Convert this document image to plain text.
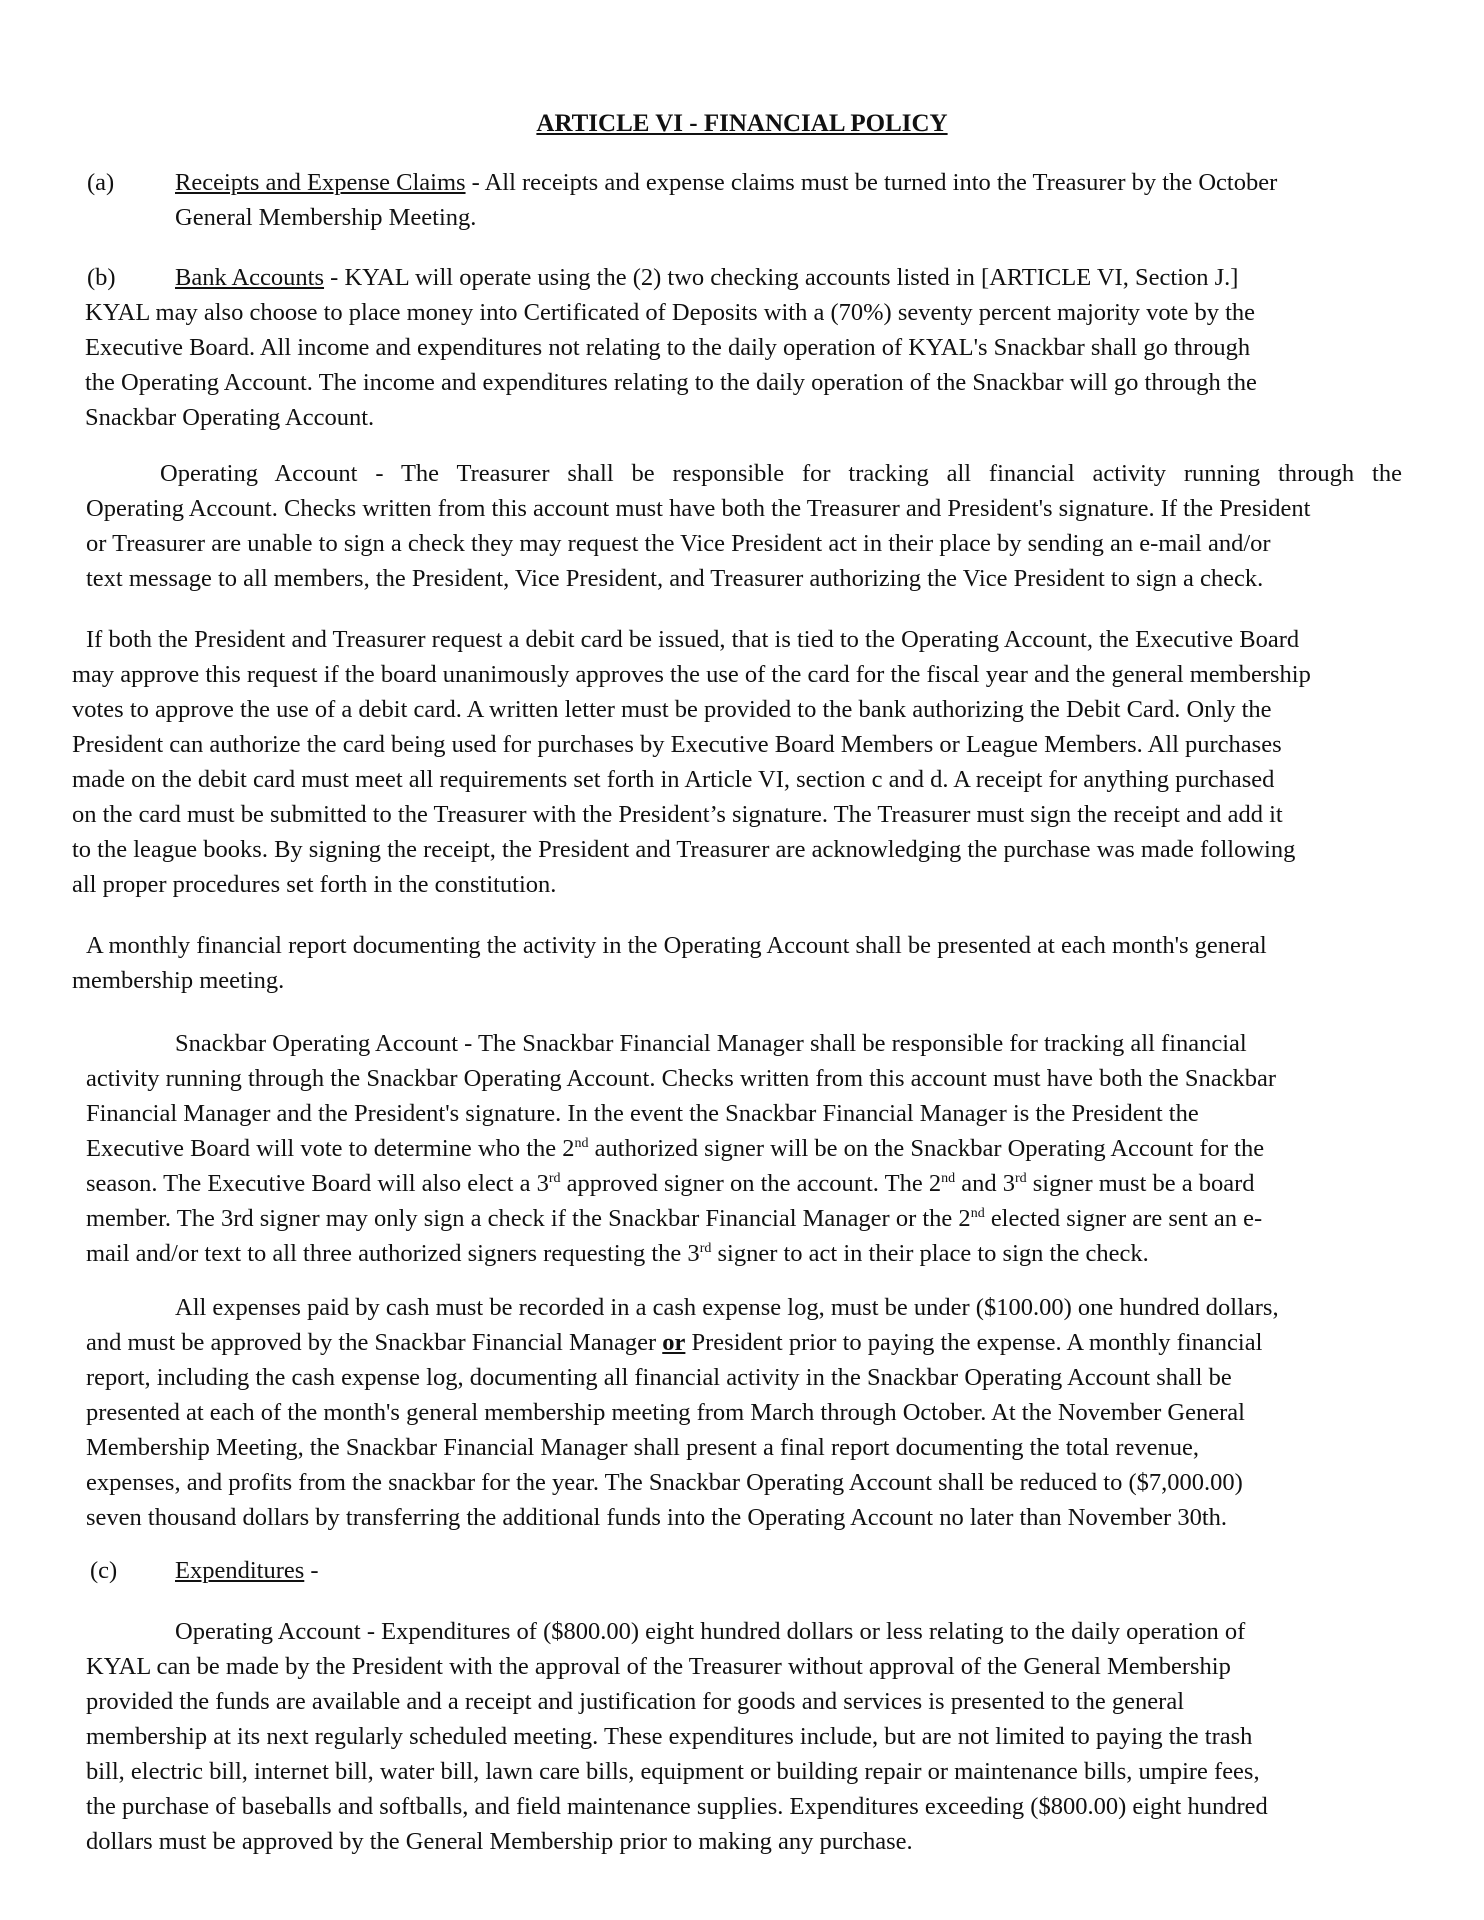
ARTICLE VI - FINANCIAL POLICY
(a) Receipts and Expense Claims - All receipts and expense claims must be turned into the Treasurer by the October
General Membership Meeting.
(b) Bank Accounts - KYAL will operate using the (2) two checking accounts listed in [ARTICLE VI, Section J.]
KYAL may also choose to place money into Certificated of Deposits with a (70%) seventy percent majority vote by the
Executive Board. All income and expenditures not relating to the daily operation of KYAL's Snackbar shall go through
the Operating Account. The income and expenditures relating to the daily operation of the Snackbar will go through the
Snackbar Operating Account.
Operating Account - The Treasurer shall be responsible for tracking all financial activity running through the
Operating Account. Checks written from this account must have both the Treasurer and President's signature. If the President
or Treasurer are unable to sign a check they may request the Vice President act in their place by sending an e-mail and/or
text message to all members, the President, Vice President, and Treasurer authorizing the Vice President to sign a check.
If both the President and Treasurer request a debit card be issued, that is tied to the Operating Account, the Executive Board
may approve this request if the board unanimously approves the use of the card for the fiscal year and the general membership
votes to approve the use of a debit card. A written letter must be provided to the bank authorizing the Debit Card. Only the
President can authorize the card being used for purchases by Executive Board Members or League Members. All purchases
made on the debit card must meet all requirements set forth in Article VI, section c and d. A receipt for anything purchased
on the card must be submitted to the Treasurer with the President’s signature. The Treasurer must sign the receipt and add it
to the league books. By signing the receipt, the President and Treasurer are acknowledging the purchase was made following
all proper procedures set forth in the constitution.
A monthly financial report documenting the activity in the Operating Account shall be presented at each month's general
membership meeting.
Snackbar Operating Account - The Snackbar Financial Manager shall be responsible for tracking all financial
activity running through the Snackbar Operating Account. Checks written from this account must have both the Snackbar
Financial Manager and the President's signature. In the event the Snackbar Financial Manager is the President the
Executive Board will vote to determine who the 2nd authorized signer will be on the Snackbar Operating Account for the
season. The Executive Board will also elect a 3rd approved signer on the account. The 2nd and 3rd signer must be a board
member. The 3rd signer may only sign a check if the Snackbar Financial Manager or the 2nd elected signer are sent an e-
mail and/or text to all three authorized signers requesting the 3rd signer to act in their place to sign the check.
All expenses paid by cash must be recorded in a cash expense log, must be under ($100.00) one hundred dollars,
and must be approved by the Snackbar Financial Manager or President prior to paying the expense. A monthly financial
report, including the cash expense log, documenting all financial activity in the Snackbar Operating Account shall be
presented at each of the month's general membership meeting from March through October. At the November General
Membership Meeting, the Snackbar Financial Manager shall present a final report documenting the total revenue,
expenses, and profits from the snackbar for the year. The Snackbar Operating Account shall be reduced to ($7,000.00)
seven thousand dollars by transferring the additional funds into the Operating Account no later than November 30th.
(c) Expenditures -
Operating Account - Expenditures of ($800.00) eight hundred dollars or less relating to the daily operation of
KYAL can be made by the President with the approval of the Treasurer without approval of the General Membership
provided the funds are available and a receipt and justification for goods and services is presented to the general
membership at its next regularly scheduled meeting. These expenditures include, but are not limited to paying the trash
bill, electric bill, internet bill, water bill, lawn care bills, equipment or building repair or maintenance bills, umpire fees,
the purchase of baseballs and softballs, and field maintenance supplies. Expenditures exceeding ($800.00) eight hundred
dollars must be approved by the General Membership prior to making any purchase.
